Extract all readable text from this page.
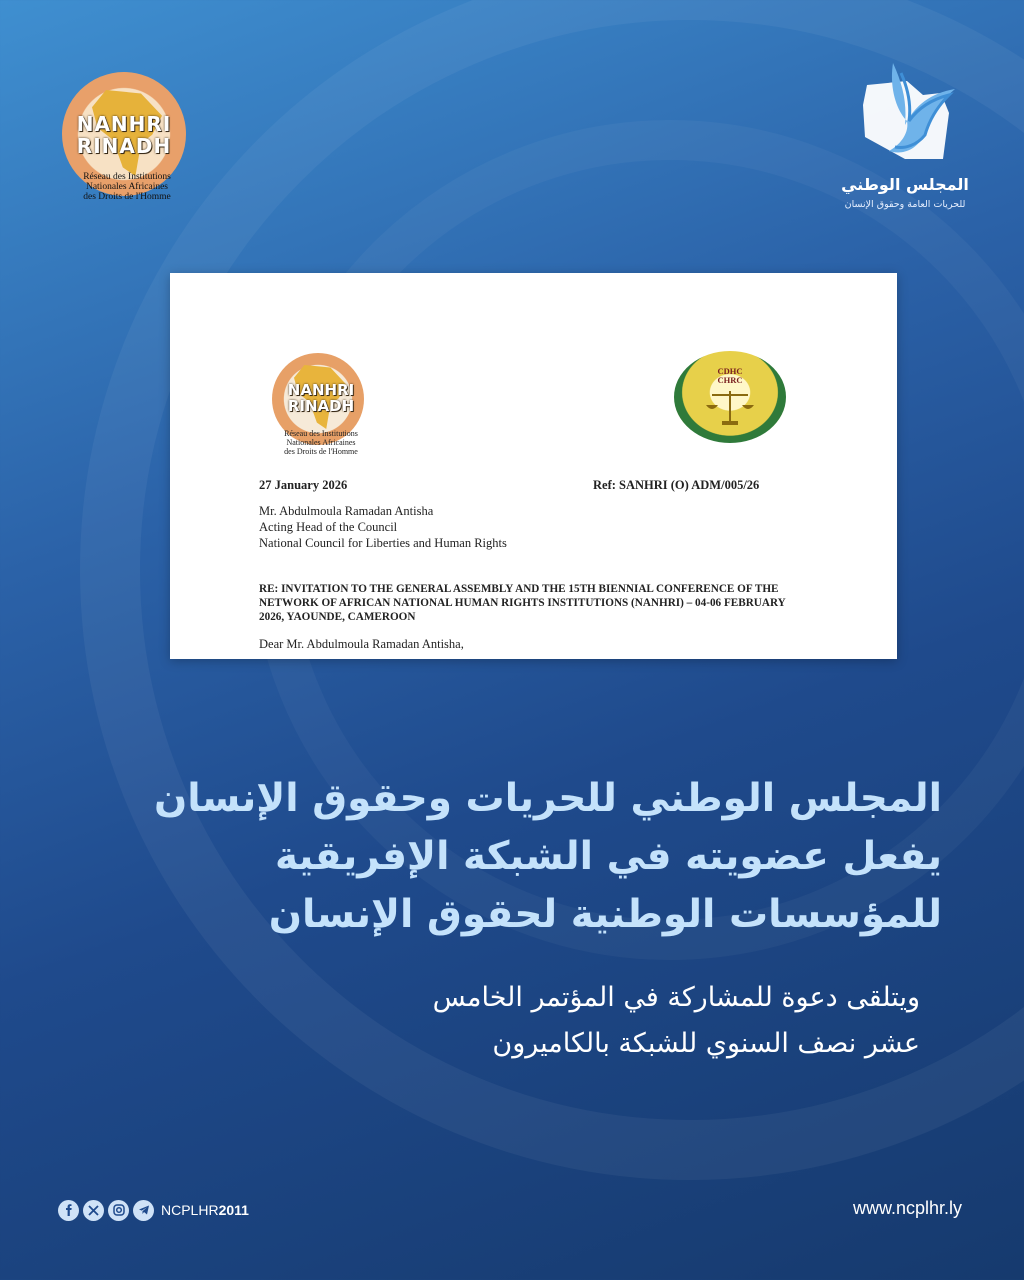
NANHRI
RINADH
Réseau des Institutions
Nationales Africaines
des Droits de l'Homme
المجلس الوطني
للحريات العامة وحقوق الإنسان
NANHRI
RINADH
Réseau des Institutions
Nationales Africaines
des Droits de l'Homme
CDHC
CHRC
27 January 2026	Ref: SANHRI (O) ADM/005/26
Mr. Abdulmoula Ramadan Antisha
Acting Head of the Council
National Council for Liberties and Human Rights
RE: INVITATION TO THE GENERAL ASSEMBLY AND THE 15TH BIENNIAL CONFERENCE OF THE
NETWORK OF AFRICAN NATIONAL HUMAN RIGHTS INSTITUTIONS (NANHRI) – 04-06 FEBRUARY
2026, YAOUNDE, CAMEROON
Dear Mr. Abdulmoula Ramadan Antisha,
المجلس الوطني للحريات وحقوق الإنسان
يفعل عضويته في الشبكة الإفريقية
للمؤسسات الوطنية لحقوق الإنسان
ويتلقى دعوة للمشاركة في المؤتمر الخامس
عشر نصف السنوي للشبكة بالكاميرون
NCPLHR2011	www.ncplhr.ly
